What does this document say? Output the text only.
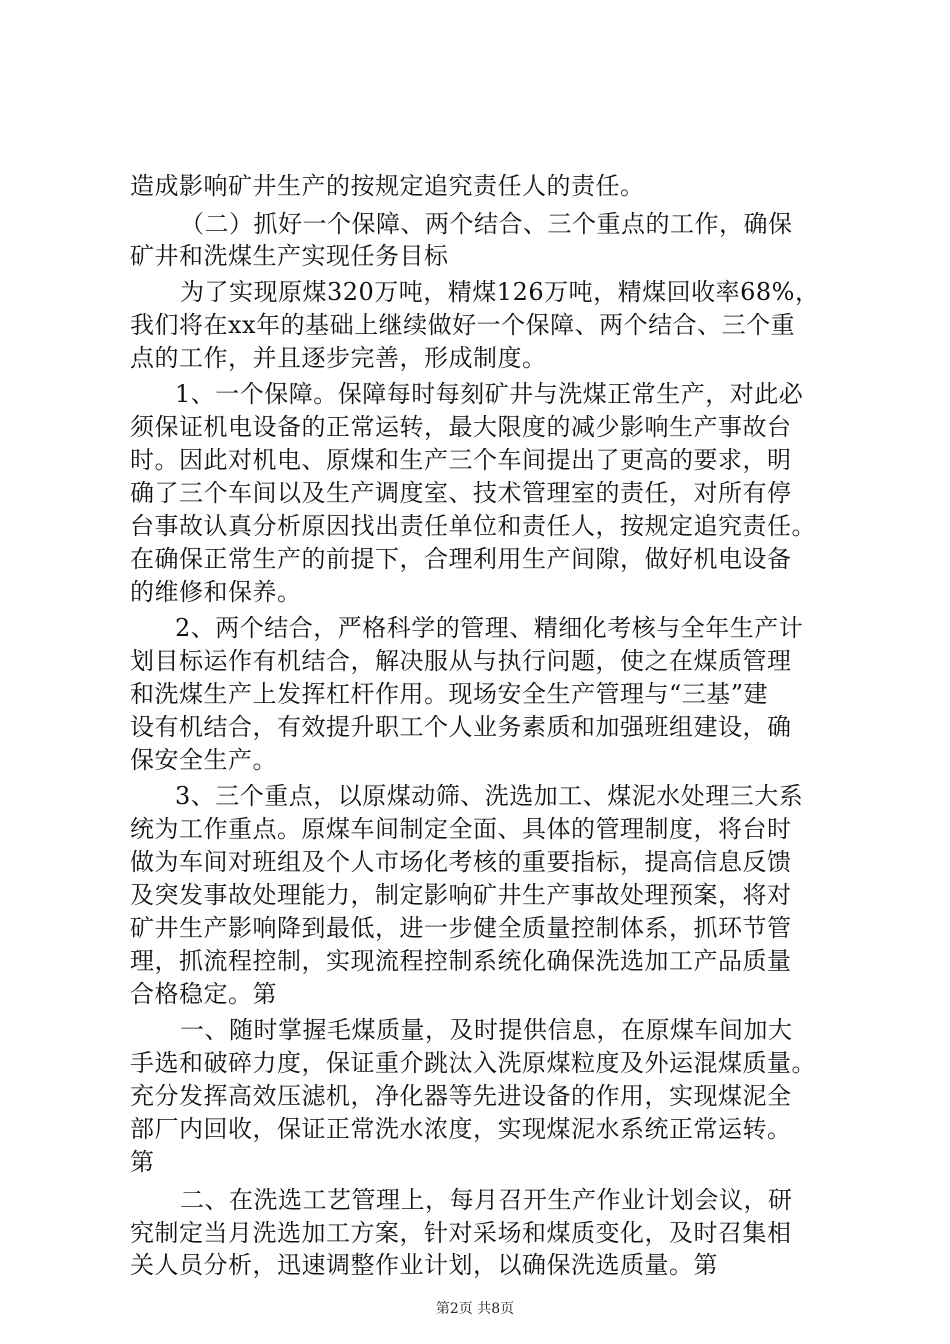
造成影响矿井生产的按规定追究责任人的责任。
（二）抓好一个保障、两个结合、三个重点的工作，确保
矿井和洗煤生产实现任务目标
为了实现原煤320万吨，精煤126万吨，精煤回收率68%，
我们将在xx年的基础上继续做好一个保障、两个结合、三个重
点的工作，并且逐步完善，形成制度。
1、一个保障。保障每时每刻矿井与洗煤正常生产，对此必
须保证机电设备的正常运转，最大限度的减少影响生产事故台
时。因此对机电、原煤和生产三个车间提出了更高的要求，明
确了三个车间以及生产调度室、技术管理室的责任，对所有停
台事故认真分析原因找出责任单位和责任人，按规定追究责任。
在确保正常生产的前提下，合理利用生产间隙，做好机电设备
的维修和保养。
2、两个结合，严格科学的管理、精细化考核与全年生产计
划目标运作有机结合，解决服从与执行问题，使之在煤质管理
和洗煤生产上发挥杠杆作用。现场安全生产管理与“三基”建
设有机结合，有效提升职工个人业务素质和加强班组建设，确
保安全生产。
3、三个重点，以原煤动筛、洗选加工、煤泥水处理三大系
统为工作重点。原煤车间制定全面、具体的管理制度，将台时
做为车间对班组及个人市场化考核的重要指标，提高信息反馈
及突发事故处理能力，制定影响矿井生产事故处理预案，将对
矿井生产影响降到最低，进一步健全质量控制体系，抓环节管
理，抓流程控制，实现流程控制系统化确保洗选加工产品质量
合格稳定。第
一、随时掌握毛煤质量，及时提供信息，在原煤车间加大
手选和破碎力度，保证重介跳汰入洗原煤粒度及外运混煤质量。
充分发挥高效压滤机，净化器等先进设备的作用，实现煤泥全
部厂内回收，保证正常洗水浓度，实现煤泥水系统正常运转。
第
二、在洗选工艺管理上，每月召开生产作业计划会议，研
究制定当月洗选加工方案，针对采场和煤质变化，及时召集相
关人员分析，迅速调整作业计划，以确保洗选质量。第
第2页 共8页
